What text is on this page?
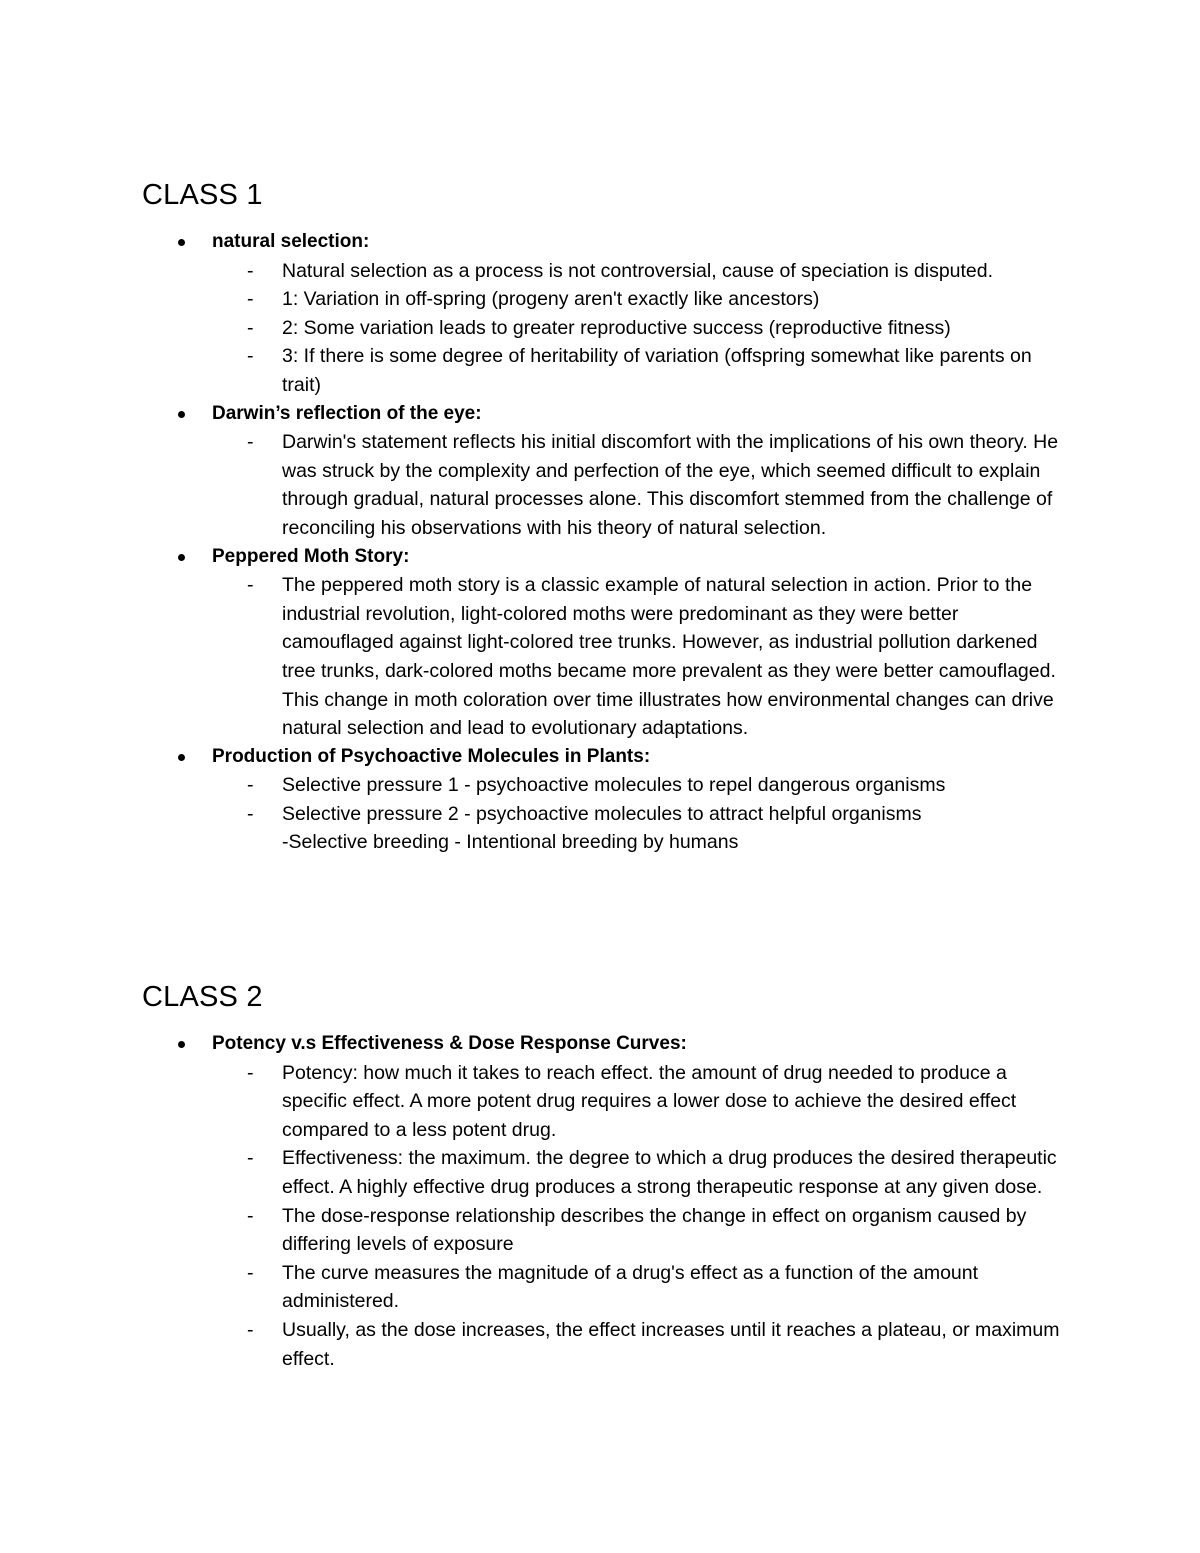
CLASS 1
natural selection:
- Natural selection as a process is not controversial, cause of speciation is disputed.
- 1: Variation in off-spring (progeny aren't exactly like ancestors)
- 2: Some variation leads to greater reproductive success (reproductive fitness)
- 3: If there is some degree of heritability of variation (offspring somewhat like parents on trait)
Darwin’s reflection of the eye:
- Darwin's statement reflects his initial discomfort with the implications of his own theory. He was struck by the complexity and perfection of the eye, which seemed difficult to explain through gradual, natural processes alone. This discomfort stemmed from the challenge of reconciling his observations with his theory of natural selection.
Peppered Moth Story:
- The peppered moth story is a classic example of natural selection in action. Prior to the industrial revolution, light-colored moths were predominant as they were better camouflaged against light-colored tree trunks. However, as industrial pollution darkened tree trunks, dark-colored moths became more prevalent as they were better camouflaged. This change in moth coloration over time illustrates how environmental changes can drive natural selection and lead to evolutionary adaptations.
Production of Psychoactive Molecules in Plants:
- Selective pressure 1 - psychoactive molecules to repel dangerous organisms
- Selective pressure 2 - psychoactive molecules to attract helpful organisms
-Selective breeding - Intentional breeding by humans
CLASS 2
Potency v.s Effectiveness & Dose Response Curves:
- Potency: how much it takes to reach effect. the amount of drug needed to produce a specific effect. A more potent drug requires a lower dose to achieve the desired effect compared to a less potent drug.
- Effectiveness: the maximum. the degree to which a drug produces the desired therapeutic effect. A highly effective drug produces a strong therapeutic response at any given dose.
- The dose-response relationship describes the change in effect on organism caused by differing levels of exposure
- The curve measures the magnitude of a drug's effect as a function of the amount administered.
- Usually, as the dose increases, the effect increases until it reaches a plateau, or maximum effect.
